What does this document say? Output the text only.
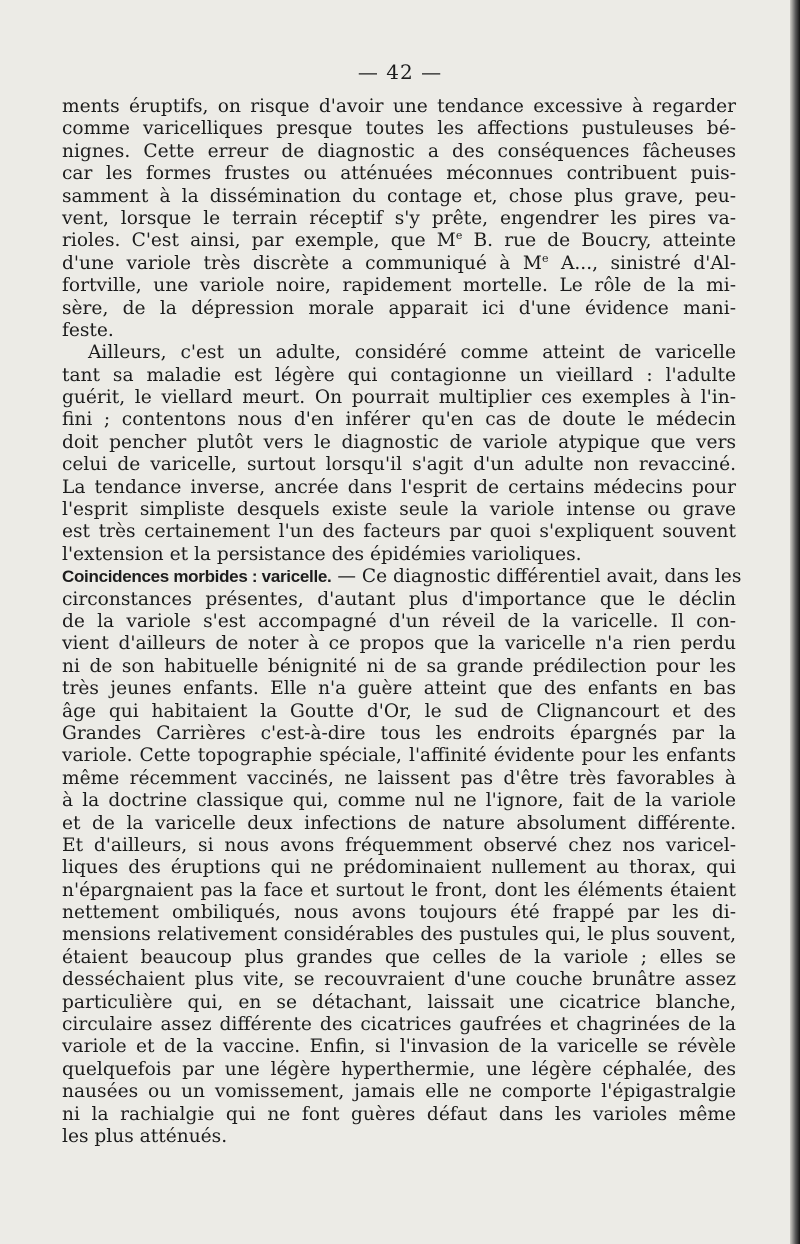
— 42 —
ments éruptifs, on risque d'avoir une tendance excessive à regarder
comme varicelliques presque toutes les affections pustuleuses bé-
nignes. Cette erreur de diagnostic a des conséquences fâcheuses
car les formes frustes ou atténuées méconnues contribuent puis-
samment à la dissémination du contage et, chose plus grave, peu-
vent, lorsque le terrain réceptif s'y prête, engendrer les pires va-
rioles. C'est ainsi, par exemple, que Me B. rue de Boucry, atteinte
d'une variole très discrète a communiqué à Me A..., sinistré d'Al-
fortville, une variole noire, rapidement mortelle. Le rôle de la mi-
sère, de la dépression morale apparait ici d'une évidence mani-
feste.
Ailleurs, c'est un adulte, considéré comme atteint de varicelle
tant sa maladie est légère qui contagionne un vieillard : l'adulte
guérit, le viellard meurt. On pourrait multiplier ces exemples à l'in-
fini ; contentons nous d'en inférer qu'en cas de doute le médecin
doit pencher plutôt vers le diagnostic de variole atypique que vers
celui de varicelle, surtout lorsqu'il s'agit d'un adulte non revacciné.
La tendance inverse, ancrée dans l'esprit de certains médecins pour
l'esprit simpliste desquels existe seule la variole intense ou grave
est très certainement l'un des facteurs par quoi s'expliquent souvent
l'extension et la persistance des épidémies varioliques.
Coincidences morbides : varicelle. — Ce diagnostic différentiel avait, dans les
circonstances présentes, d'autant plus d'importance que le déclin
de la variole s'est accompagné d'un réveil de la varicelle. Il con-
vient d'ailleurs de noter à ce propos que la varicelle n'a rien perdu
ni de son habituelle bénignité ni de sa grande prédilection pour les
très jeunes enfants. Elle n'a guère atteint que des enfants en bas
âge qui habitaient la Goutte d'Or, le sud de Clignancourt et des
Grandes Carrières c'est-à-dire tous les endroits épargnés par la
variole. Cette topographie spéciale, l'affinité évidente pour les enfants
même récemment vaccinés, ne laissent pas d'être très favorables à
à la doctrine classique qui, comme nul ne l'ignore, fait de la variole
et de la varicelle deux infections de nature absolument différente.
Et d'ailleurs, si nous avons fréquemment observé chez nos varicel-
liques des éruptions qui ne prédominaient nullement au thorax, qui
n'épargnaient pas la face et surtout le front, dont les éléments étaient
nettement ombiliqués, nous avons toujours été frappé par les di-
mensions relativement considérables des pustules qui, le plus souvent,
étaient beaucoup plus grandes que celles de la variole ; elles se
desséchaient plus vite, se recouvraient d'une couche brunâtre assez
particulière qui, en se détachant, laissait une cicatrice blanche,
circulaire assez différente des cicatrices gaufrées et chagrinées de la
variole et de la vaccine. Enfin, si l'invasion de la varicelle se révèle
quelquefois par une légère hyperthermie, une légère céphalée, des
nausées ou un vomissement, jamais elle ne comporte l'épigastralgie
ni la rachialgie qui ne font guères défaut dans les varioles même
les plus atténués.
